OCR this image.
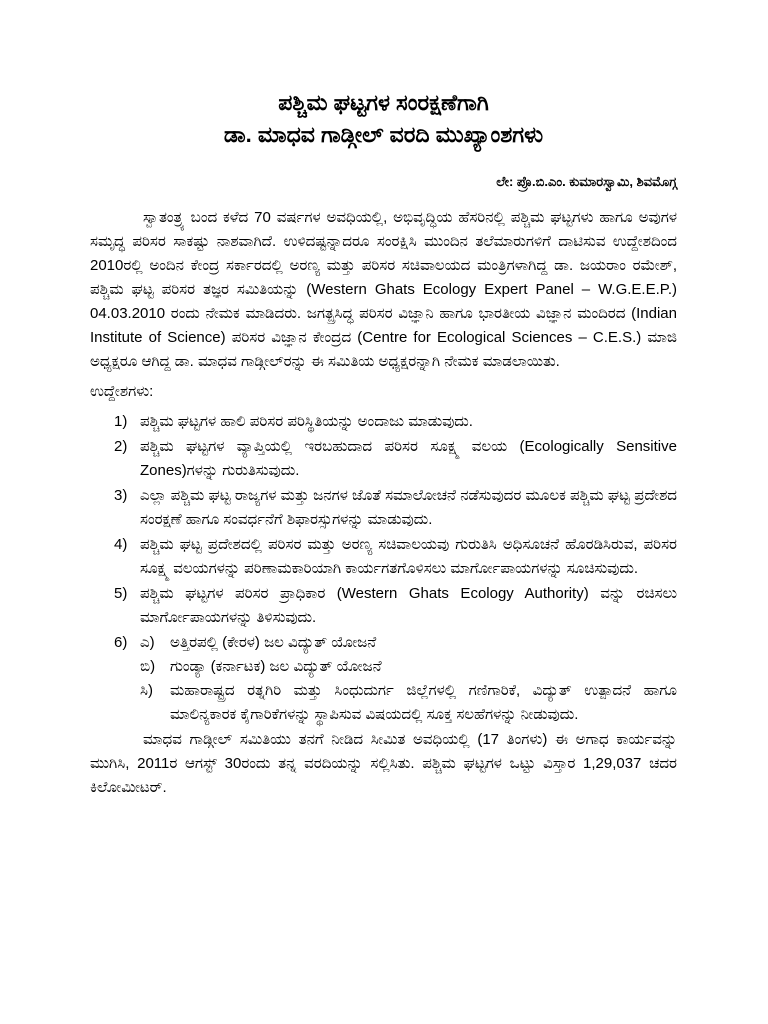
ಪಶ್ಚಿಮ ಘಟ್ಟಗಳ ಸಂರಕ್ಷಣೆಗಾಗಿ
ಡಾ. ಮಾಧವ ಗಾಡ್ಗೀಲ್ ವರದಿ ಮುಖ್ಯಾಂಶಗಳು
ಲೇ: ಪ್ರೊ.ಬಿ.ಎಂ. ಕುಮಾರಸ್ವಾಮಿ, ಶಿವಮೊಗ್ಗ

ಸ್ವಾತಂತ್ರ್ಯ ಬಂದ ಕಳೆದ 70 ವರ್ಷಗಳ ಅವಧಿಯಲ್ಲಿ, ಅಭಿವೃದ್ಧಿಯ ಹೆಸರಿನಲ್ಲಿ ಪಶ್ಚಿಮ ಘಟ್ಟಗಳು ಹಾಗೂ ಅವುಗಳ ಸಮೃದ್ಧ ಪರಿಸರ ಸಾಕಷ್ಟು ನಾಶವಾಗಿದೆ. ಉಳಿದಷ್ಟನ್ನಾದರೂ ಸಂರಕ್ಷಿಸಿ ಮುಂದಿನ ತಲೆಮಾರುಗಳಿಗೆ ದಾಟಿಸುವ ಉದ್ದೇಶದಿಂದ 2010ರಲ್ಲಿ ಅಂದಿನ ಕೇಂದ್ರ ಸರ್ಕಾರದಲ್ಲಿ ಅರಣ್ಯ ಮತ್ತು ಪರಿಸರ ಸಚಿವಾಲಯದ ಮಂತ್ರಿಗಳಾಗಿದ್ದ ಡಾ. ಜಯರಾಂ ರಮೇಶ್, ಪಶ್ಚಿಮ ಘಟ್ಟ ಪರಿಸರ ತಜ್ಞರ ಸಮಿತಿಯನ್ನು (Western Ghats Ecology Expert Panel – W.G.E.E.P.) 04.03.2010 ರಂದು ನೇಮಕ ಮಾಡಿದರು. ಜಗತ್ಪ್ರಸಿದ್ಧ ಪರಿಸರ ವಿಜ್ಞಾನಿ ಹಾಗೂ ಭಾರತೀಯ ವಿಜ್ಞಾನ ಮಂದಿರದ (Indian Institute of Science) ಪರಿಸರ ವಿಜ್ಞಾನ ಕೇಂದ್ರದ (Centre for Ecological Sciences – C.E.S.) ಮಾಜಿ ಅಧ್ಯಕ್ಷರೂ ಆಗಿದ್ದ ಡಾ. ಮಾಧವ ಗಾಡ್ಗೀಲ್‌ರನ್ನು ಈ ಸಮಿತಿಯ ಅಧ್ಯಕ್ಷರನ್ನಾಗಿ ನೇಮಕ ಮಾಡಲಾಯಿತು.

ಉದ್ದೇಶಗಳು:
1) ಪಶ್ಚಿಮ ಘಟ್ಟಗಳ ಹಾಲಿ ಪರಿಸರ ಪರಿಸ್ಥಿತಿಯನ್ನು ಅಂದಾಜು ಮಾಡುವುದು.
2) ಪಶ್ಚಿಮ ಘಟ್ಟಗಳ ವ್ಯಾಪ್ತಿಯಲ್ಲಿ ಇರಬಹುದಾದ ಪರಿಸರ ಸೂಕ್ಷ್ಮ ವಲಯ (Ecologically Sensitive Zones)ಗಳನ್ನು ಗುರುತಿಸುವುದು.
3) ಎಲ್ಲಾ ಪಶ್ಚಿಮ ಘಟ್ಟ ರಾಜ್ಯಗಳ ಮತ್ತು ಜನಗಳ ಜೊತೆ ಸಮಾಲೋಚನೆ ನಡೆಸುವುದರ ಮೂಲಕ ಪಶ್ಚಿಮ ಘಟ್ಟ ಪ್ರದೇಶದ ಸಂರಕ್ಷಣೆ ಹಾಗೂ ಸಂವರ್ಧನೆಗೆ ಶಿಫಾರಸ್ಸುಗಳನ್ನು ಮಾಡುವುದು.
4) ಪಶ್ಚಿಮ ಘಟ್ಟ ಪ್ರದೇಶದಲ್ಲಿ ಪರಿಸರ ಮತ್ತು ಅರಣ್ಯ ಸಚಿವಾಲಯವು ಗುರುತಿಸಿ ಅಧಿಸೂಚನೆ ಹೊರಡಿಸಿರುವ, ಪರಿಸರ ಸೂಕ್ಷ್ಮ ವಲಯಗಳನ್ನು ಪರಿಣಾಮಕಾರಿಯಾಗಿ ಕಾರ್ಯಗತಗೊಳಿಸಲು ಮಾರ್ಗೋಪಾಯಗಳನ್ನು ಸೂಚಿಸುವುದು.
5) ಪಶ್ಚಿಮ ಘಟ್ಟಗಳ ಪರಿಸರ ಪ್ರಾಧಿಕಾರ (Western Ghats Ecology Authority) ವನ್ನು ರಚಿಸಲು ಮಾರ್ಗೋಪಾಯಗಳನ್ನು ತಿಳಿಸುವುದು.
6) ಎ)	ಅತ್ತಿರಪಲ್ಲಿ (ಕೇರಳ) ಜಲ ವಿದ್ಯುತ್ ಯೋಜನೆ
ಬಿ) ಗುಂಡ್ಯಾ (ಕರ್ನಾಟಕ) ಜಲ ವಿದ್ಯುತ್ ಯೋಜನೆ
ಸಿ)	ಮಹಾರಾಷ್ಟ್ರದ ರತ್ನಗಿರಿ ಮತ್ತು ಸಿಂಧುದುರ್ಗ ಜಿಲ್ಲೆಗಳಲ್ಲಿ ಗಣಿಗಾರಿಕೆ, ವಿದ್ಯುತ್ ಉತ್ಪಾದನೆ ಹಾಗೂ ಮಾಲಿನ್ಯಕಾರಕ ಕೈಗಾರಿಕೆಗಳನ್ನು ಸ್ಥಾಪಿಸುವ ವಿಷಯದಲ್ಲಿ ಸೂಕ್ತ ಸಲಹೆಗಳನ್ನು ನೀಡುವುದು.

ಮಾಧವ ಗಾಡ್ಗೀಲ್ ಸಮಿತಿಯು ತನಗೆ ನೀಡಿದ ಸೀಮಿತ ಅವಧಿಯಲ್ಲಿ (17 ತಿಂಗಳು) ಈ ಅಗಾಧ ಕಾರ್ಯವನ್ನು ಮುಗಿಸಿ, 2011ರ ಆಗಸ್ಟ್ 30ರಂದು ತನ್ನ ವರದಿಯನ್ನು ಸಲ್ಲಿಸಿತು. ಪಶ್ಚಿಮ ಘಟ್ಟಗಳ ಒಟ್ಟು ವಿಸ್ತಾರ 1,29,037 ಚದರ ಕಿಲೋಮೀಟರ್.
